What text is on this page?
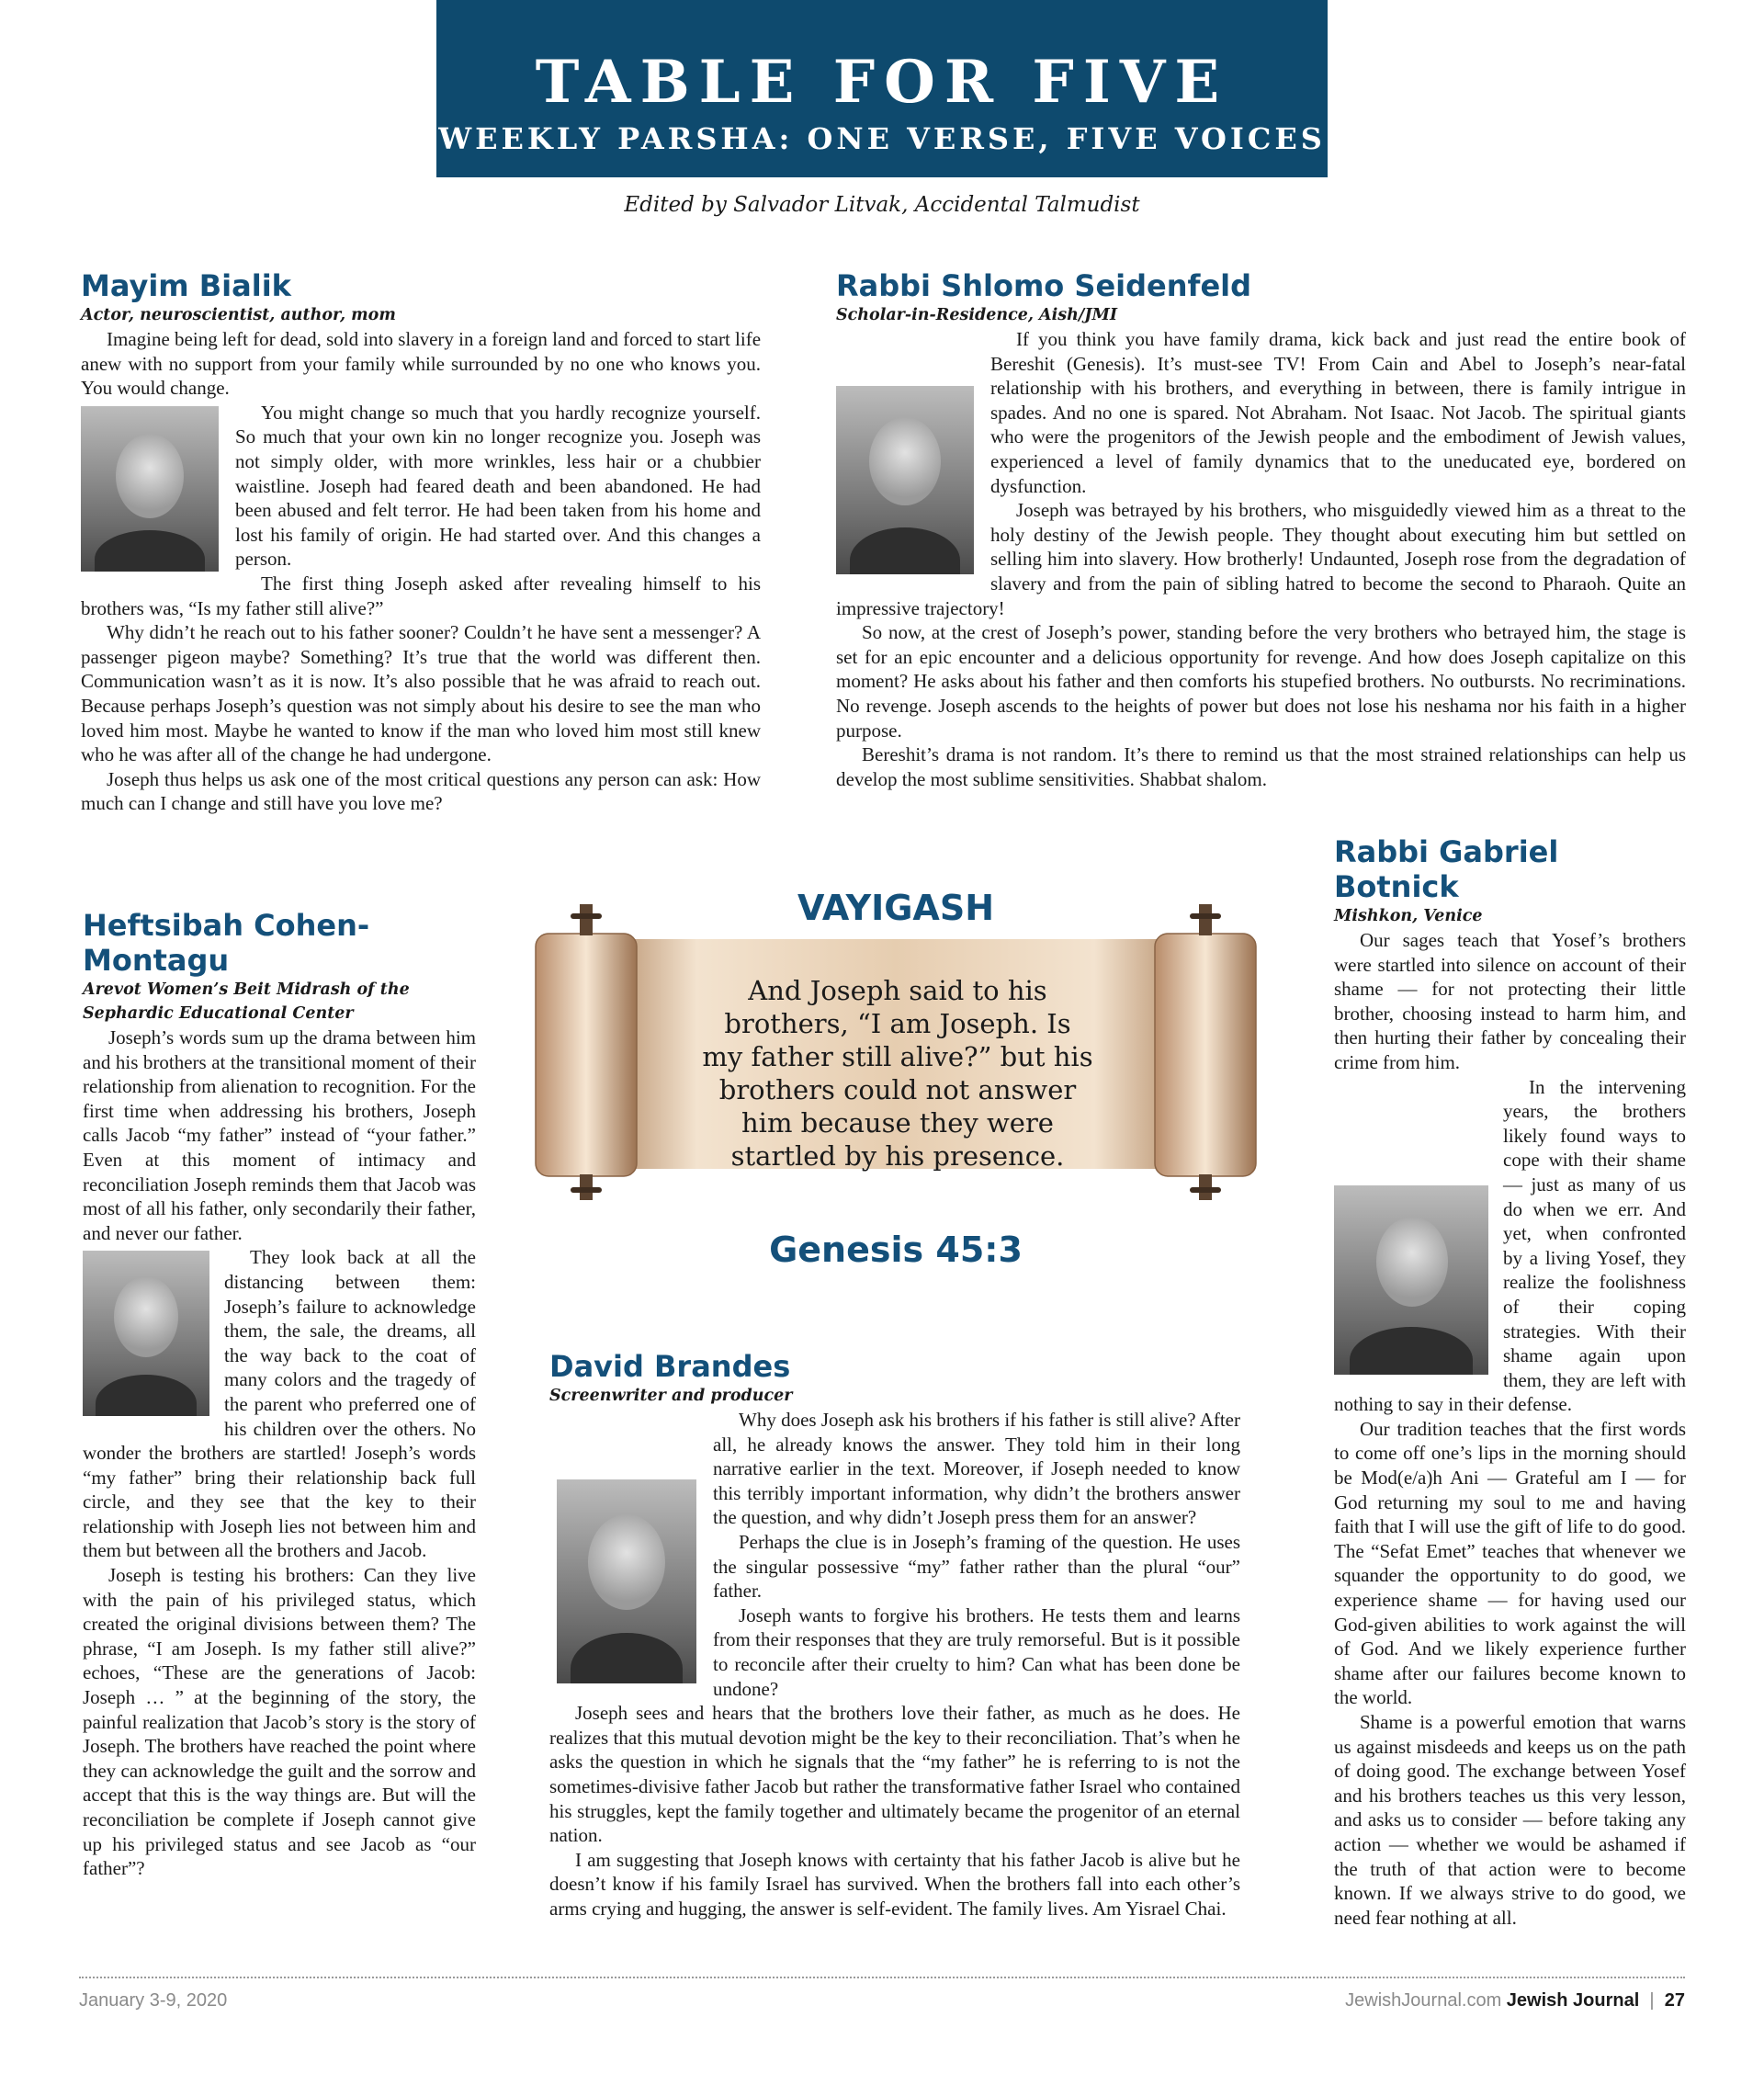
TABLE FOR FIVE
WEEKLY PARSHA: ONE VERSE, FIVE VOICES
Edited by Salvador Litvak, Accidental Talmudist
Mayim Bialik
Actor, neuroscientist, author, mom

Imagine being left for dead, sold into slavery in a foreign land and forced to start life anew with no support from your family while surrounded by no one who knows you. You would change.

You might change so much that you hardly recognize yourself. So much that your own kin no longer recognize you. Joseph was not simply older, with more wrinkles, less hair or a chubbier waistline. Joseph had feared death and been abandoned. He had been abused and felt terror. He had been taken from his home and lost his family of origin. He had started over. And this changes a person.

The first thing Joseph asked after revealing himself to his brothers was, “Is my father still alive?”

Why didn’t he reach out to his father sooner? Couldn’t he have sent a messenger? A passenger pigeon maybe? Something? It’s true that the world was different then. Communication wasn’t as it is now. It’s also possible that he was afraid to reach out. Because perhaps Joseph’s question was not simply about his desire to see the man who loved him most. Maybe he wanted to know if the man who loved him most still knew who he was after all of the change he had undergone.

Joseph thus helps us ask one of the most critical questions any person can ask: How much can I change and still have you love me?

Rabbi Shlomo Seidenfeld
Scholar-in-Residence, Aish/JMI

If you think you have family drama, kick back and just read the entire book of Bereshit (Genesis). It’s must-see TV! From Cain and Abel to Joseph’s near-fatal relationship with his brothers, and everything in between, there is family intrigue in spades. And no one is spared. Not Abraham. Not Isaac. Not Jacob. The spiritual giants who were the progenitors of the Jewish people and the embodiment of Jewish values, experienced a level of family dynamics that to the uneducated eye, bordered on dysfunction.

Joseph was betrayed by his brothers, who misguidedly viewed him as a threat to the holy destiny of the Jewish people. They thought about executing him but settled on selling him into slavery. How brotherly! Undaunted, Joseph rose from the degradation of slavery and from the pain of sibling hatred to become the second to Pharaoh. Quite an impressive trajectory!

So now, at the crest of Joseph’s power, standing before the very brothers who betrayed him, the stage is set for an epic encounter and a delicious opportunity for revenge. And how does Joseph capitalize on this moment? He asks about his father and then comforts his stupefied brothers. No outbursts. No recriminations. No revenge. Joseph ascends to the heights of power but does not lose his neshama nor his faith in a higher purpose.

Bereshit’s drama is not random. It’s there to remind us that the most strained relationships can help us develop the most sublime sensitivities. Shabbat shalom.

Heftsibah Cohen-Montagu
Arevot Women’s Beit Midrash of the Sephardic Educational Center

Joseph’s words sum up the drama between him and his brothers at the transitional moment of their relationship from alienation to recognition. For the first time when addressing his brothers, Joseph calls Jacob “my father” instead of “your father.” Even at this moment of intimacy and reconciliation Joseph reminds them that Jacob was most of all his father, only secondarily their father, and never our father.

They look back at all the distancing between them: Joseph’s failure to acknowledge them, the sale, the dreams, all the way back to the coat of many colors and the tragedy of the parent who preferred one of his children over the others. No wonder the brothers are startled! Joseph’s words “my father” bring their relationship back full circle, and they see that the key to their relationship with Joseph lies not between him and them but between all the brothers and Jacob.

Joseph is testing his brothers: Can they live with the pain of his privileged status, which created the original divisions between them? The phrase, “I am Joseph. Is my father still alive?” echoes, “These are the generations of Jacob: Joseph … ” at the beginning of the story, the painful realization that Jacob’s story is the story of Joseph. The brothers have reached the point where they can acknowledge the guilt and the sorrow and accept that this is the way things are. But will the reconciliation be complete if Joseph cannot give up his privileged status and see Jacob as “our father”?

VAYIGASH
And Joseph said to his brothers, “I am Joseph. Is my father still alive?” but his brothers could not answer him because they were startled by his presence.
Genesis 45:3
David Brandes
Screenwriter and producer

Why does Joseph ask his brothers if his father is still alive? After all, he already knows the answer. They told him in their long narrative earlier in the text. Moreover, if Joseph needed to know this terribly important information, why didn’t the brothers answer the question, and why didn’t Joseph press them for an answer?

Perhaps the clue is in Joseph’s framing of the question. He uses the singular possessive “my” father rather than the plural “our” father.

Joseph wants to forgive his brothers. He tests them and learns from their responses that they are truly remorseful. But is it possible to reconcile after their cruelty to him? Can what has been done be undone?

Joseph sees and hears that the brothers love their father, as much as he does. He realizes that this mutual devotion might be the key to their reconciliation. That’s when he asks the question in which he signals that the “my father” he is referring to is not the sometimes-divisive father Jacob but rather the transformative father Israel who contained his struggles, kept the family together and ultimately became the progenitor of an eternal nation.

I am suggesting that Joseph knows with certainty that his father Jacob is alive but he doesn’t know if his family Israel has survived. When the brothers fall into each other’s arms crying and hugging, the answer is self-evident. The family lives. Am Yisrael Chai.

Rabbi Gabriel Botnick
Mishkon, Venice

Our sages teach that Yosef’s brothers were startled into silence on account of their shame — for not protecting their little brother, choosing instead to harm him, and then hurting their father by concealing their crime from him.

In the intervening years, the brothers likely found ways to cope with their shame — just as many of us do when we err. And yet, when confronted by a living Yosef, they realize the foolishness of their coping strategies. With their shame again upon them, they are left with nothing to say in their defense.

Our tradition teaches that the first words to come off one’s lips in the morning should be Mod(e/a)h Ani — Grateful am I — for God returning my soul to me and having faith that I will use the gift of life to do good. The “Sefat Emet” teaches that whenever we squander the opportunity to do good, we experience shame — for having used our God-given abilities to work against the will of God. And we likely experience further shame after our failures become known to the world.

Shame is a powerful emotion that warns us against misdeeds and keeps us on the path of doing good. The exchange between Yosef and his brothers teaches us this very lesson, and asks us to consider — before taking any action — whether we would be ashamed if the truth of that action were to become known. If we always strive to do good, we need fear nothing at all.

January 3-9, 2020	JewishJournal.com Jewish Journal | 27
